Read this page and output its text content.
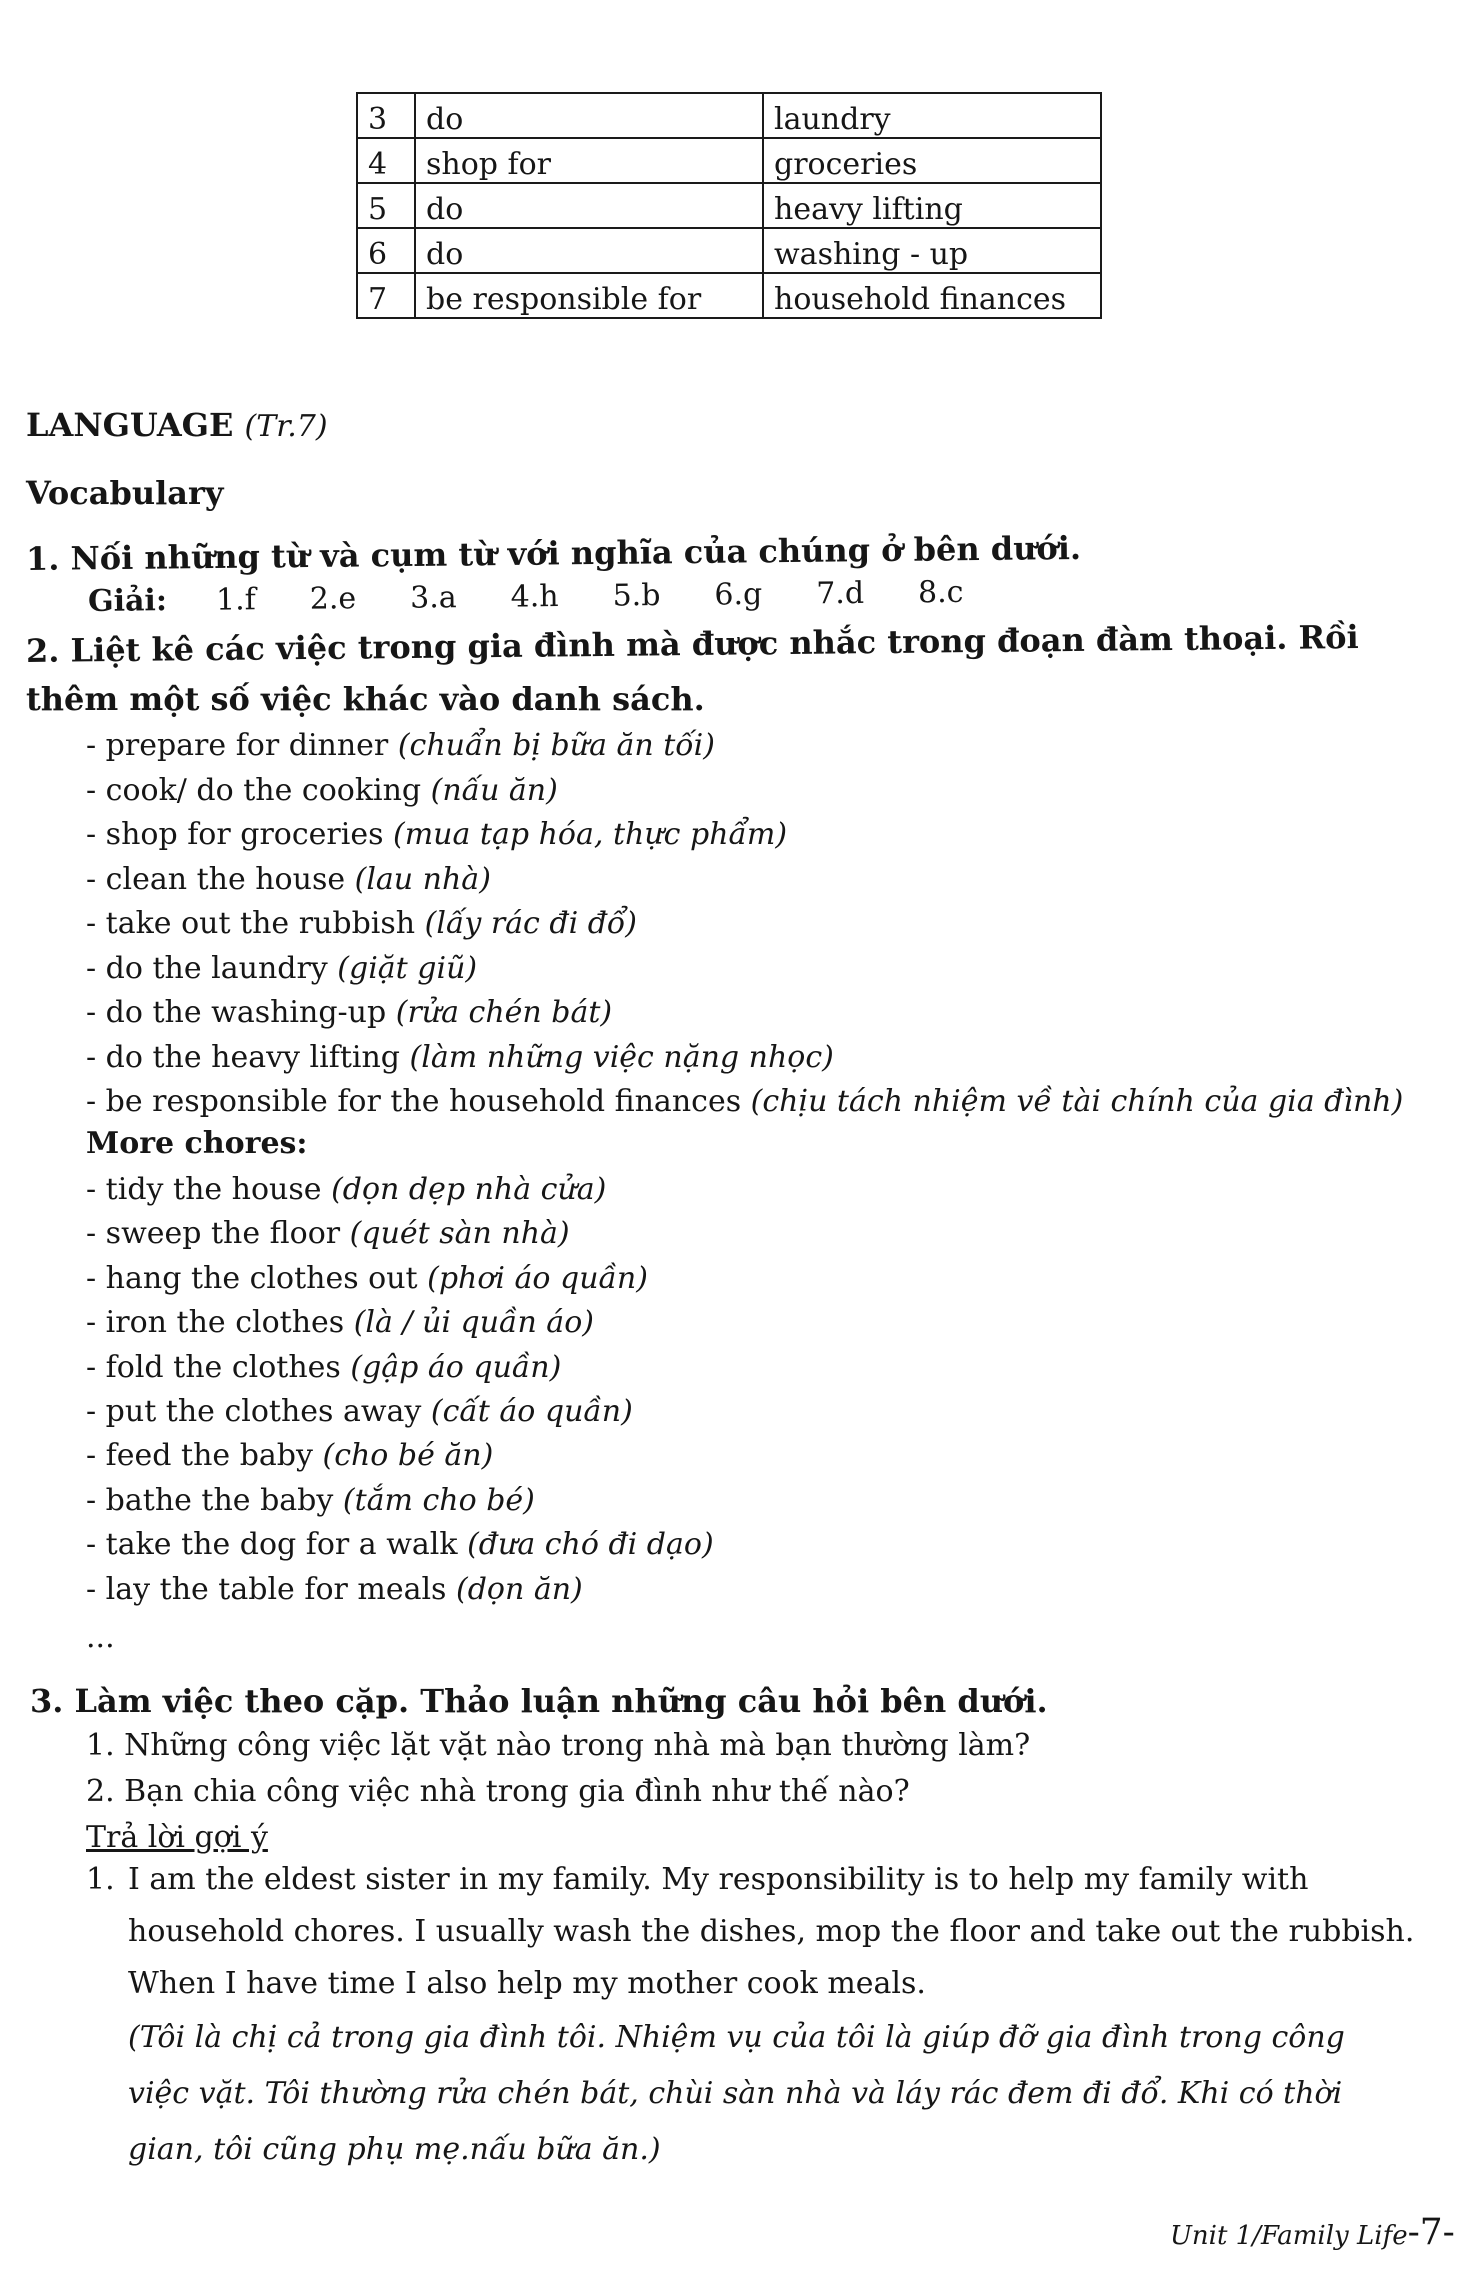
3	do	laundry
4	shop for	groceries
5	do	heavy lifting
6	do	washing - up
7	be responsible for	household finances
LANGUAGE (Tr.7)
Vocabulary
1. Nối những từ và cụm từ với nghĩa của chúng ở bên dưới.
Giải: 1.f 2.e 3.a 4.h 5.b 6.g 7.d 8.c
2. Liệt kê các việc trong gia đình mà được nhắc trong đoạn đàm thoại. Rồi
thêm một số việc khác vào danh sách.
- prepare for dinner (chuẩn bị bữa ăn tối)
- cook/ do the cooking (nấu ăn)
- shop for groceries (mua tạp hóa, thực phẩm)
- clean the house (lau nhà)
- take out the rubbish (lấy rác đi đổ)
- do the laundry (giặt giũ)
- do the washing-up (rửa chén bát)
- do the heavy lifting (làm những việc nặng nhọc)
- be responsible for the household finances (chịu tách nhiệm về tài chính của gia đình)
More chores:
- tidy the house (dọn dẹp nhà cửa)
- sweep the floor (quét sàn nhà)
- hang the clothes out (phơi áo quần)
- iron the clothes (là / ủi quần áo)
- fold the clothes (gập áo quần)
- put the clothes away (cất áo quần)
- feed the baby (cho bé ăn)
- bathe the baby (tắm cho bé)
- take the dog for a walk (đưa chó đi dạo)
- lay the table for meals (dọn ăn)
...
3. Làm việc theo cặp. Thảo luận những câu hỏi bên dưới.
1. Những công việc lặt vặt nào trong nhà mà bạn thường làm?
2. Bạn chia công việc nhà trong gia đình như thế nào?
Trả lời gợi ý
1. I am the eldest sister in my family. My responsibility is to help my family with
household chores. I usually wash the dishes, mop the floor and take out the rubbish.
When I have time I also help my mother cook meals.
(Tôi là chị cả trong gia đình tôi. Nhiệm vụ của tôi là giúp đỡ gia đình trong công
việc vặt. Tôi thường rửa chén bát, chùi sàn nhà và láy rác đem đi đổ. Khi có thời
gian, tôi cũng phụ mẹ.nấu bữa ăn.)
Unit 1/Family Life-7-
